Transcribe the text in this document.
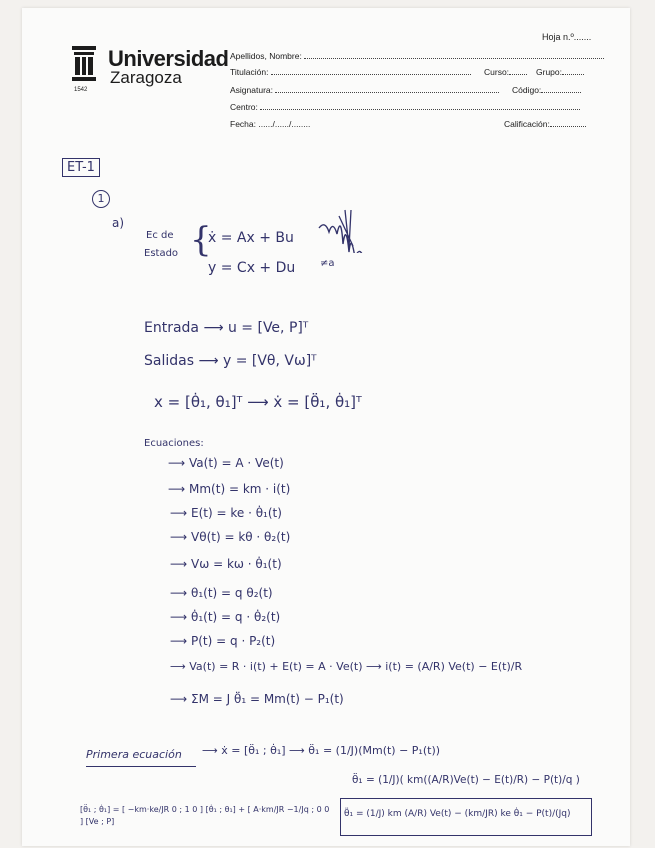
Universidad
Zaragoza
1542
Hoja n.º.......
Apellidos, Nombre:
Titulación:	Curso:	Grupo:
Asignatura:	Código:
Centro:
Fecha: ....../....../........	Calificación:
ET-1
1
a)
Ec de
Estado {
ẋ = Ax + Bu
y = Cx + Du ≠a
Entrada ⟶ u = [Ve, P]ᵀ
Salidas ⟶ y = [Vθ, Vω]ᵀ
x = [θ̇₁, θ₁]ᵀ ⟶ ẋ = [θ̈₁, θ̇₁]ᵀ
Ecuaciones:
⟶ Va(t) = A · Ve(t)
⟶ Mm(t) = km · i(t)
⟶ E(t) = ke · θ̇₁(t)
⟶ Vθ(t) = kθ · θ₂(t)
⟶ Vω = kω · θ̇₁(t)
⟶ θ₁(t) = q θ₂(t)
⟶ θ̇₁(t) = q · θ̇₂(t)
⟶ P(t) = q · P₂(t)
⟶ Va(t) = R · i(t) + E(t) = A · Ve(t) ⟶ i(t) = (A/R) Ve(t) − E(t)/R
⟶ ΣM = J θ̈₁ = Mm(t) − P₁(t)
Primera ecuación ⟶ ẋ = [θ̈₁ ; θ̇₁] ⟶ θ̈₁ = (1/J)(Mm(t) − P₁(t))
θ̈₁ = (1/J)( km((A/R)Ve(t) − E(t)/R) − P(t)/q )
[θ̈₁ ; θ̇₁] = [ −km·ke/JR 0 ; 1 0 ] [θ̇₁ ; θ₁] + [ A·km/JR −1/Jq ; 0 0 ] [Ve ; P]
θ̈₁ = (1/J) km (A/R) Ve(t) − (km/JR) ke θ̇₁ − P(t)/(Jq)
